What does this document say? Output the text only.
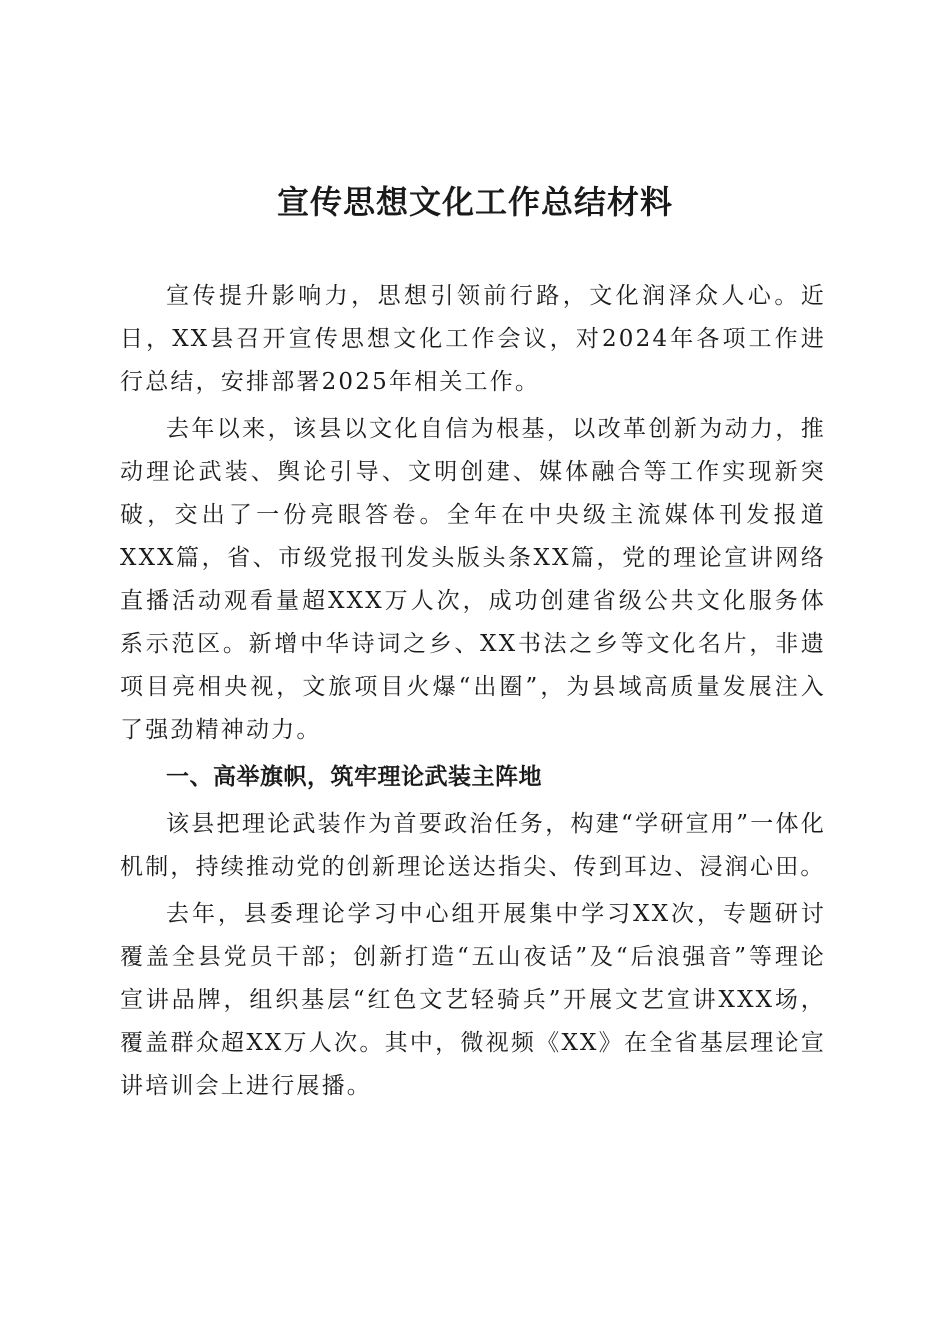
宣传思想文化工作总结材料

宣传提升影响力，思想引领前行路，文化润泽众人心。近日，XX县召开宣传思想文化工作会议，对2024年各项工作进行总结，安排部署2025年相关工作。

去年以来，该县以文化自信为根基，以改革创新为动力，推动理论武装、舆论引导、文明创建、媒体融合等工作实现新突破，交出了一份亮眼答卷。全年在中央级主流媒体刊发报道XXX篇，省、市级党报刊发头版头条XX篇，党的理论宣讲网络直播活动观看量超XXX万人次，成功创建省级公共文化服务体系示范区。新增中华诗词之乡、XX书法之乡等文化名片，非遗项目亮相央视，文旅项目火爆“出圈”，为县域高质量发展注入了强劲精神动力。

一、高举旗帜，筑牢理论武装主阵地

该县把理论武装作为首要政治任务，构建“学研宣用”一体化机制，持续推动党的创新理论送达指尖、传到耳边、浸润心田。

去年，县委理论学习中心组开展集中学习XX次，专题研讨覆盖全县党员干部；创新打造“五山夜话”及“后浪强音”等理论宣讲品牌，组织基层“红色文艺轻骑兵”开展文艺宣讲XXX场，覆盖群众超XX万人次。其中，微视频《XX》在全省基层理论宣讲培训会上进行展播。
